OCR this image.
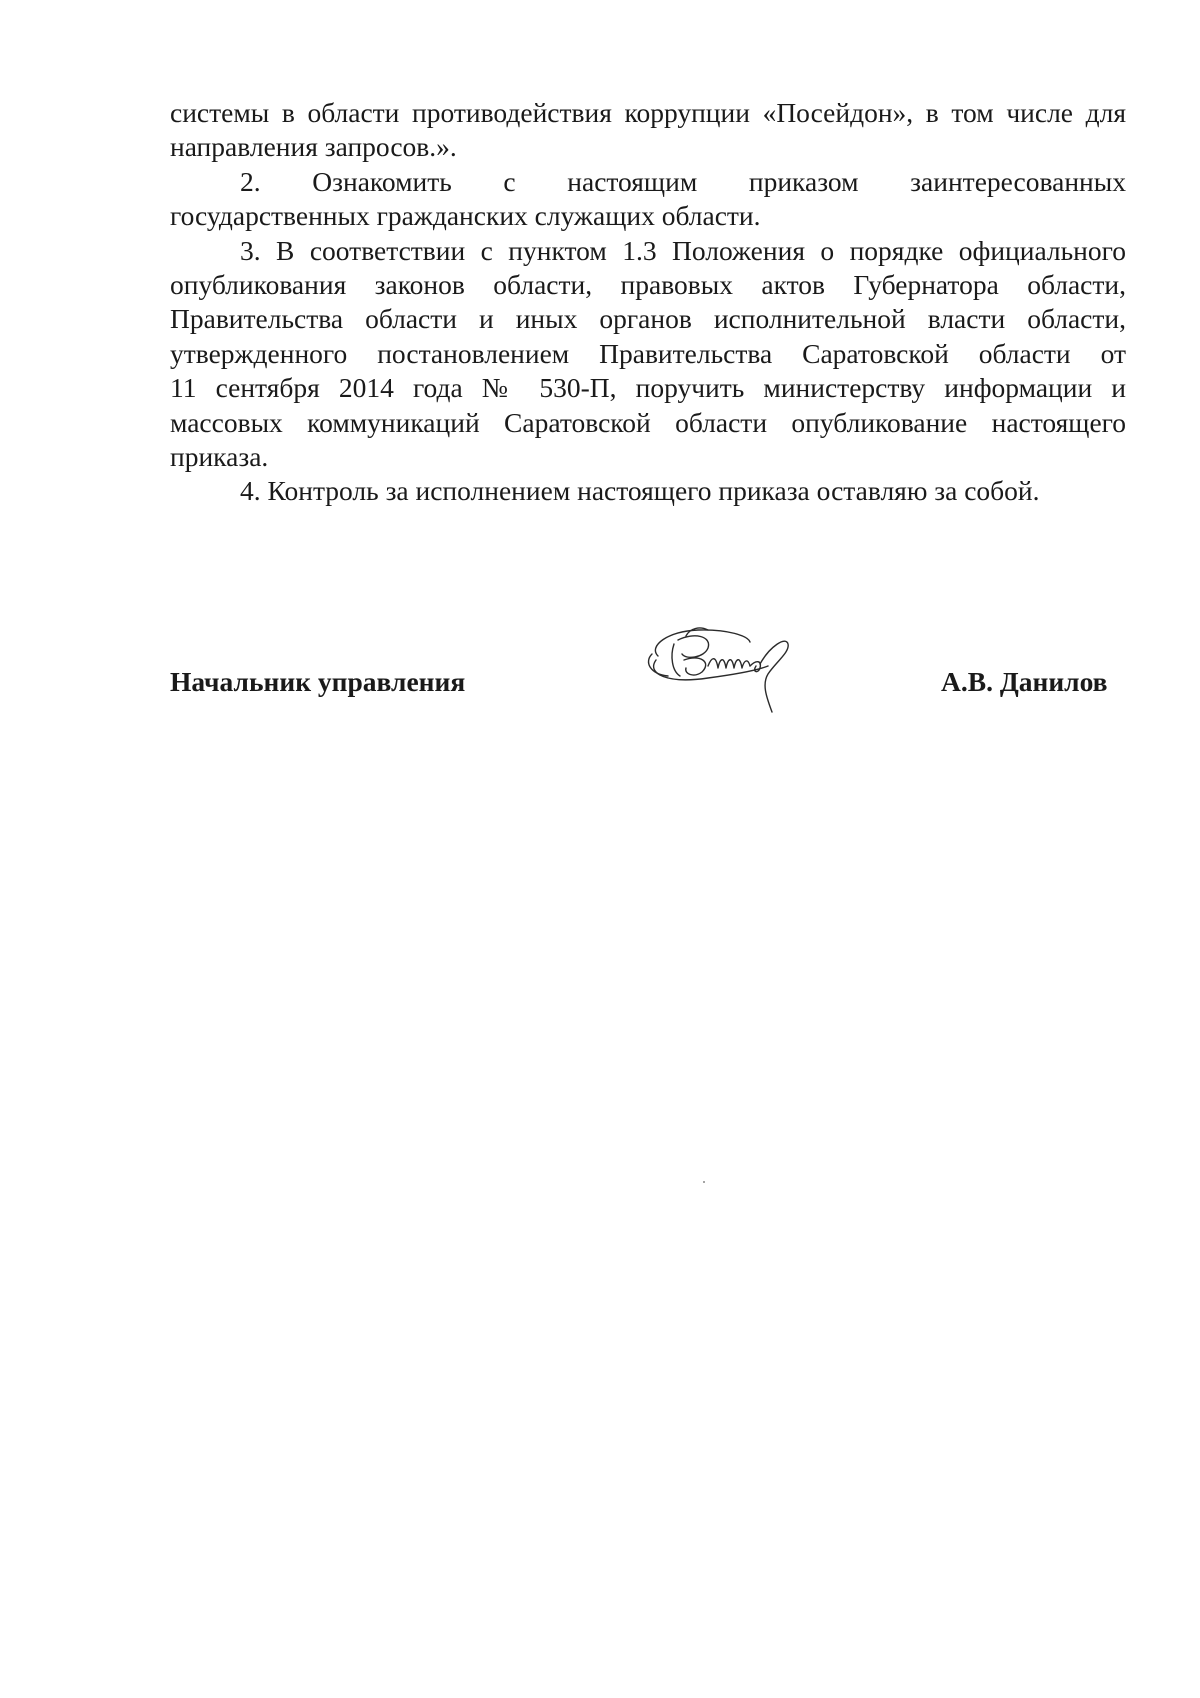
системы в области противодействия коррупции «Посейдон», в том числе для
направления запросов.».
2. Ознакомить с настоящим приказом заинтересованных
государственных гражданских служащих области.
3. В соответствии с пунктом 1.3 Положения о порядке официального
опубликования законов области, правовых актов Губернатора области,
Правительства области и иных органов исполнительной власти области,
утвержденного постановлением Правительства Саратовской области от
11 сентября 2014 года № 530-П, поручить министерству информации и
массовых коммуникаций Саратовской области опубликование настоящего
приказа.
4. Контроль за исполнением настоящего приказа оставляю за собой.
Начальник управления	А.В. Данилов
